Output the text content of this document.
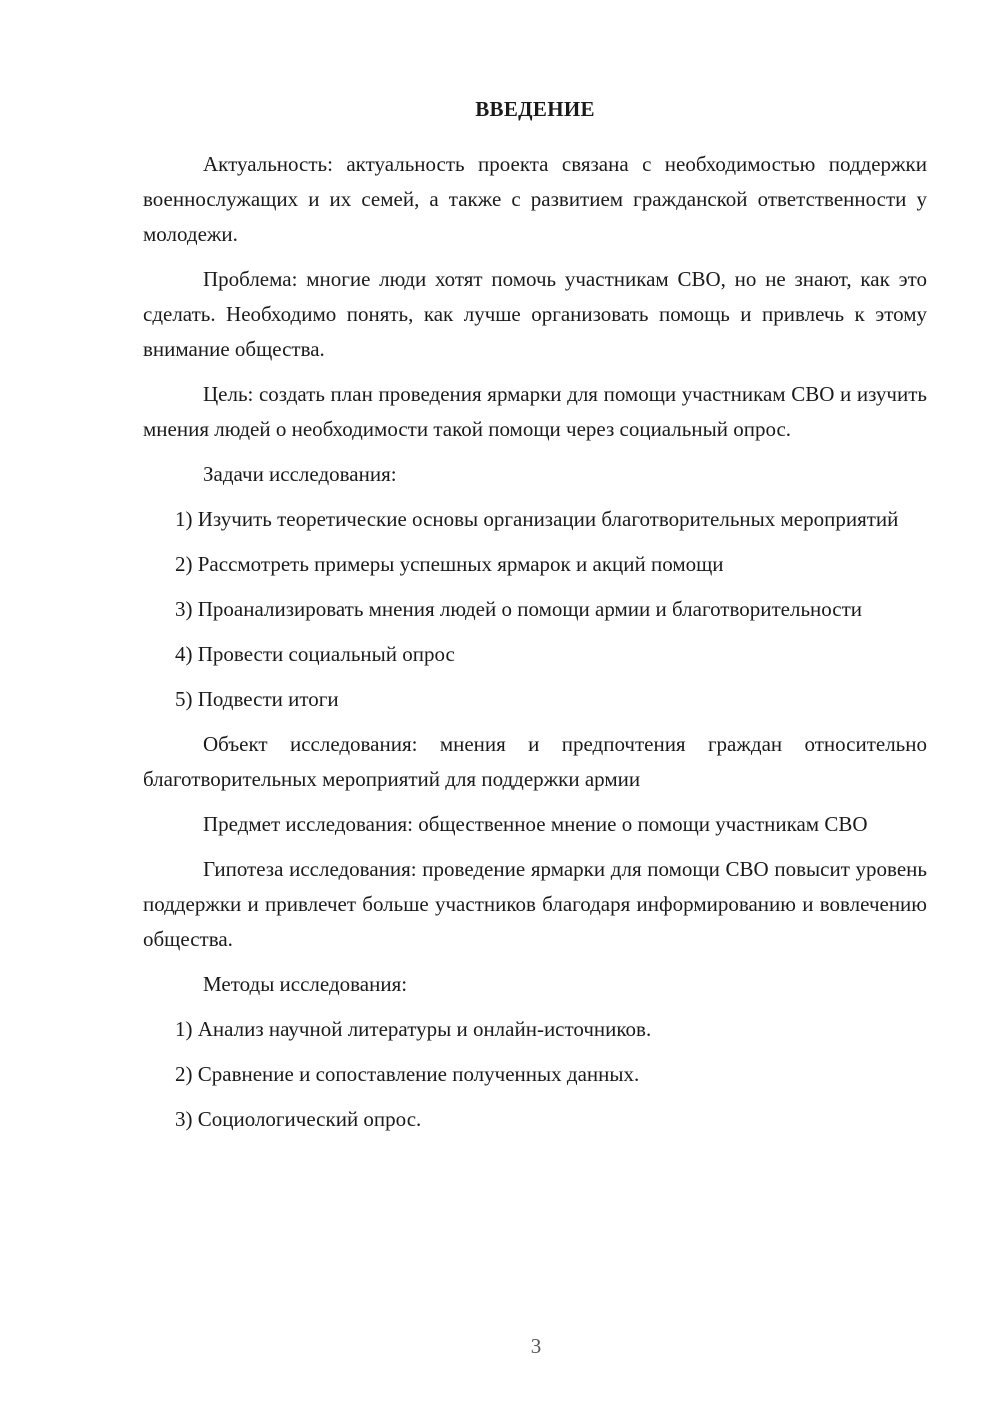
ВВЕДЕНИЕ

Актуальность: актуальность проекта связана с необходимостью поддержки военнослужащих и их семей, а также с развитием гражданской ответственности у молодежи.

Проблема: многие люди хотят помочь участникам СВО, но не знают, как это сделать. Необходимо понять, как лучше организовать помощь и привлечь к этому внимание общества.

Цель: создать план проведения ярмарки для помощи участникам СВО и изучить мнения людей о необходимости такой помощи через социальный опрос.

Задачи исследования:

1) Изучить теоретические основы организации благотворительных мероприятий

2) Рассмотреть примеры успешных ярмарок и акций помощи

3) Проанализировать мнения людей о помощи армии и благотворительности

4) Провести социальный опрос

5) Подвести итоги

Объект исследования: мнения и предпочтения граждан относительно благотворительных мероприятий для поддержки армии

Предмет исследования: общественное мнение о помощи участникам СВО

Гипотеза исследования: проведение ярмарки для помощи СВО повысит уровень поддержки и привлечет больше участников благодаря информированию и вовлечению общества.

Методы исследования:

1) Анализ научной литературы и онлайн-источников.

2) Сравнение и сопоставление полученных данных.

3) Социологический опрос.

3
